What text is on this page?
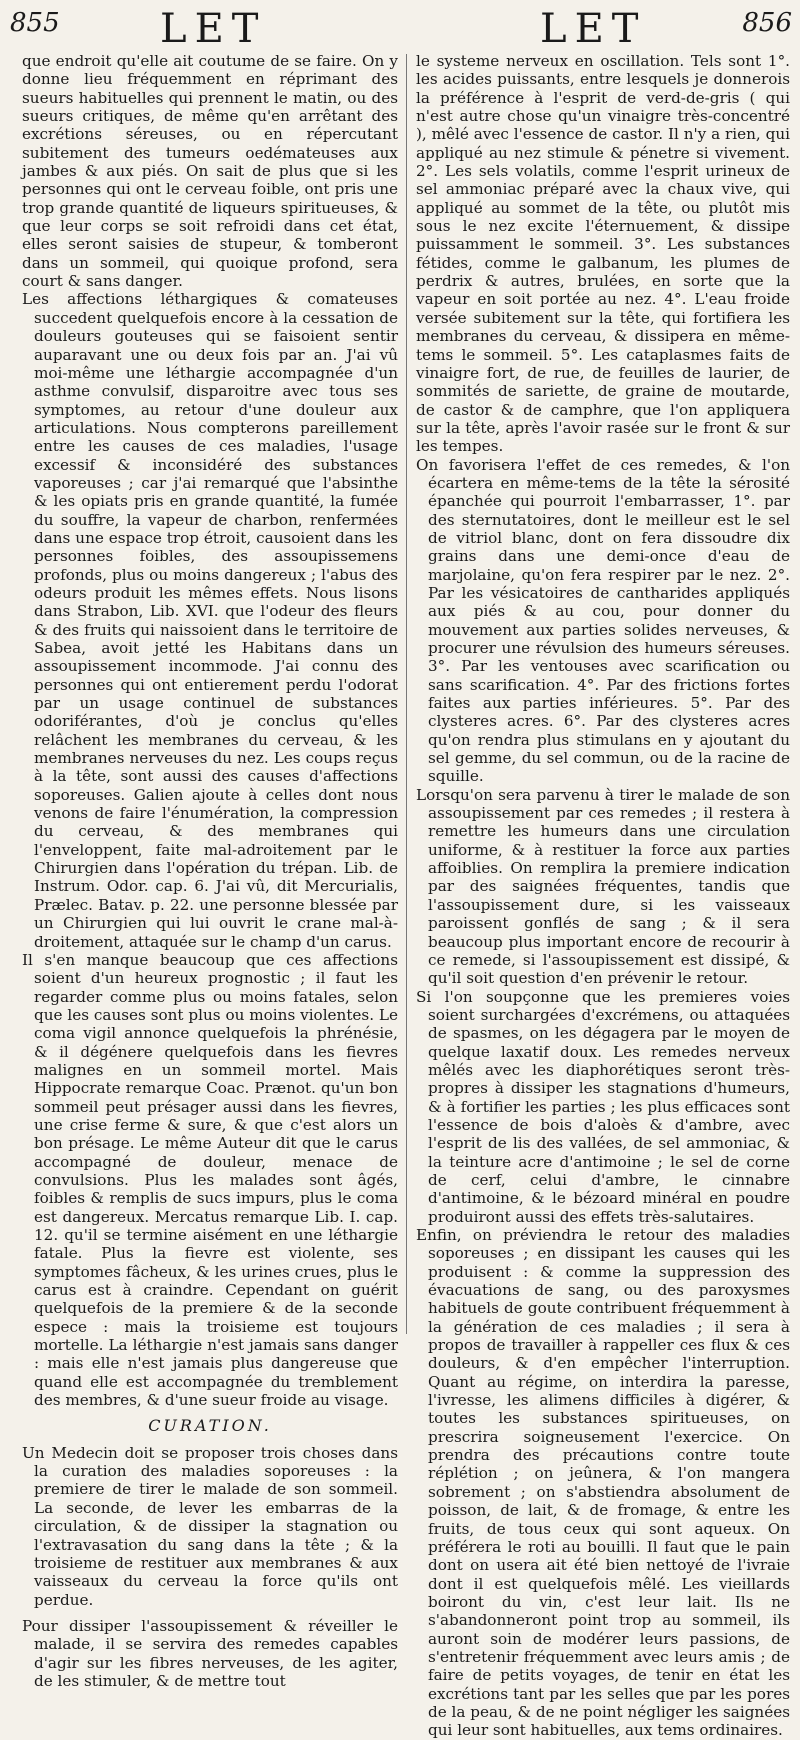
855	LET	LET	856

que endroit qu'elle ait coutume de se faire. On y donne lieu fréquemment en réprimant des sueurs habituelles qui prennent le matin, ou des sueurs critiques, de même qu'en arrêtant des excrétions séreuses, ou en répercutant subitement des tumeurs oedémateuses aux jambes & aux piés. On sait de plus que si les personnes qui ont le cerveau foible, ont pris une trop grande quantité de liqueurs spiritueuses, & que leur corps se soit refroidi dans cet état, elles seront saisies de stupeur, & tomberont dans un sommeil, qui quoique profond, sera court & sans danger.

Les affections léthargiques & comateuses succedent quelquefois encore à la cessation de douleurs gouteuses qui se faisoient sentir auparavant une ou deux fois par an. J'ai vû moi-même une léthargie accompagnée d'un asthme convulsif, disparoitre avec tous ses symptomes, au retour d'une douleur aux articulations. Nous compterons pareillement entre les causes de ces maladies, l'usage excessif & inconsidéré des substances vaporeuses ; car j'ai remarqué que l'absinthe & les opiats pris en grande quantité, la fumée du souffre, la vapeur de charbon, renfermées dans une espace trop étroit, causoient dans les personnes foibles, des assoupissemens profonds, plus ou moins dangereux ; l'abus des odeurs produit les mêmes effets. Nous lisons dans Strabon, Lib. XVI. que l'odeur des fleurs & des fruits qui naissoient dans le territoire de Sabea, avoit jetté les Habitans dans un assoupissement incommode. J'ai connu des personnes qui ont entierement perdu l'odorat par un usage continuel de substances odoriférantes, d'où je conclus qu'elles relâchent les membranes du cerveau, & les membranes nerveuses du nez. Les coups reçus à la tête, sont aussi des causes d'affections soporeuses. Galien ajoute à celles dont nous venons de faire l'énumération, la compression du cerveau, & des membranes qui l'enveloppent, faite mal-adroitement par le Chirurgien dans l'opération du trépan. Lib. de Instrum. Odor. cap. 6. J'ai vû, dit Mercurialis, Prælec. Batav. p. 22. une personne blessée par un Chirurgien qui lui ouvrit le crane mal-à-droitement, attaquée sur le champ d'un carus.

Il s'en manque beaucoup que ces affections soient d'un heureux prognostic ; il faut les regarder comme plus ou moins fatales, selon que les causes sont plus ou moins violentes. Le coma vigil annonce quelquefois la phrénésie, & il dégénere quelquefois dans les fievres malignes en un sommeil mortel. Mais Hippocrate remarque Coac. Prænot. qu'un bon sommeil peut présager aussi dans les fievres, une crise ferme & sure, & que c'est alors un bon présage. Le même Auteur dit que le carus accompagné de douleur, menace de convulsions. Plus les malades sont âgés, foibles & remplis de sucs impurs, plus le coma est dangereux. Mercatus remarque Lib. I. cap. 12. qu'il se termine aisément en une léthargie fatale. Plus la fievre est violente, ses symptomes fâcheux, & les urines crues, plus le carus est à craindre. Cependant on guérit quelquefois de la premiere & de la seconde espece : mais la troisieme est toujours mortelle. La léthargie n'est jamais sans danger : mais elle n'est jamais plus dangereuse que quand elle est accompagnée du tremblement des membres, & d'une sueur froide au visage.

CURATION.

Un Medecin doit se proposer trois choses dans la curation des maladies soporeuses : la premiere de tirer le malade de son sommeil. La seconde, de lever les embarras de la circulation, & de dissiper la stagnation ou l'extravasation du sang dans la tête ; & la troisieme de restituer aux membranes & aux vaisseaux du cerveau la force qu'ils ont perdue.

Pour dissiper l'assoupissement & réveiller le malade, il se servira des remedes capables d'agir sur les fibres nerveuses, de les agiter, de les stimuler, & de mettre tout

le systeme nerveux en oscillation. Tels sont 1°. les acides puissants, entre lesquels je donnerois la préférence à l'esprit de verd-de-gris ( qui n'est autre chose qu'un vinaigre très-concentré ), mêlé avec l'essence de castor. Il n'y a rien, qui appliqué au nez stimule & pénetre si vivement. 2°. Les sels volatils, comme l'esprit urineux de sel ammoniac préparé avec la chaux vive, qui appliqué au sommet de la tête, ou plutôt mis sous le nez excite l'éternuement, & dissipe puissamment le sommeil. 3°. Les substances fétides, comme le galbanum, les plumes de perdrix & autres, brulées, en sorte que la vapeur en soit portée au nez. 4°. L'eau froide versée subitement sur la tête, qui fortifiera les membranes du cerveau, & dissipera en même-tems le sommeil. 5°. Les cataplasmes faits de vinaigre fort, de rue, de feuilles de laurier, de sommités de sariette, de graine de moutarde, de castor & de camphre, que l'on appliquera sur la tête, après l'avoir rasée sur le front & sur les tempes.

On favorisera l'effet de ces remedes, & l'on écartera en même-tems de la tête la sérosité épanchée qui pourroit l'embarrasser, 1°. par des sternutatoires, dont le meilleur est le sel de vitriol blanc, dont on fera dissoudre dix grains dans une demi-once d'eau de marjolaine, qu'on fera respirer par le nez. 2°. Par les vésicatoires de cantharides appliqués aux piés & au cou, pour donner du mouvement aux parties solides nerveuses, & procurer une révulsion des humeurs séreuses. 3°. Par les ventouses avec scarification ou sans scarification. 4°. Par des frictions fortes faites aux parties inférieures. 5°. Par des clysteres acres. 6°. Par des clysteres acres qu'on rendra plus stimulans en y ajoutant du sel gemme, du sel commun, ou de la racine de squille.

Lorsqu'on sera parvenu à tirer le malade de son assoupissement par ces remedes ; il restera à remettre les humeurs dans une circulation uniforme, & à restituer la force aux parties affoiblies. On remplira la premiere indication par des saignées fréquentes, tandis que l'assoupissement dure, si les vaisseaux paroissent gonflés de sang ; & il sera beaucoup plus important encore de recourir à ce remede, si l'assoupissement est dissipé, & qu'il soit question d'en prévenir le retour.

Si l'on soupçonne que les premieres voies soient surchargées d'excrémens, ou attaquées de spasmes, on les dégagera par le moyen de quelque laxatif doux. Les remedes nerveux mêlés avec les diaphorétiques seront très-propres à dissiper les stagnations d'humeurs, & à fortifier les parties ; les plus efficaces sont l'essence de bois d'aloès & d'ambre, avec l'esprit de lis des vallées, de sel ammoniac, & la teinture acre d'antimoine ; le sel de corne de cerf, celui d'ambre, le cinnabre d'antimoine, & le bézoard minéral en poudre produiront aussi des effets très-salutaires.

Enfin, on préviendra le retour des maladies soporeuses ; en dissipant les causes qui les produisent : & comme la suppression des évacuations de sang, ou des paroxysmes habituels de goute contribuent fréquemment à la génération de ces maladies ; il sera à propos de travailler à rappeller ces flux & ces douleurs, & d'en empêcher l'interruption. Quant au régime, on interdira la paresse, l'ivresse, les alimens difficiles à digérer, & toutes les substances spiritueuses, on prescrira soigneusement l'exercice. On prendra des précautions contre toute réplétion ; on jeûnera, & l'on mangera sobrement ; on s'abstiendra absolument de poisson, de lait, & de fromage, & entre les fruits, de tous ceux qui sont aqueux. On préférera le roti au bouilli. Il faut que le pain dont on usera ait été bien nettoyé de l'ivraie dont il est quelquefois mêlé. Les vieillards boiront du vin, c'est leur lait. Ils ne s'abandonneront point trop au sommeil, ils auront soin de modérer leurs passions, de s'entretenir fréquemment avec leurs amis ; de faire de petits voyages, de tenir en état les excrétions tant par les selles que par les pores de la peau, & de ne point négliger les saignées qui leur sont habituelles, aux tems ordinaires.
